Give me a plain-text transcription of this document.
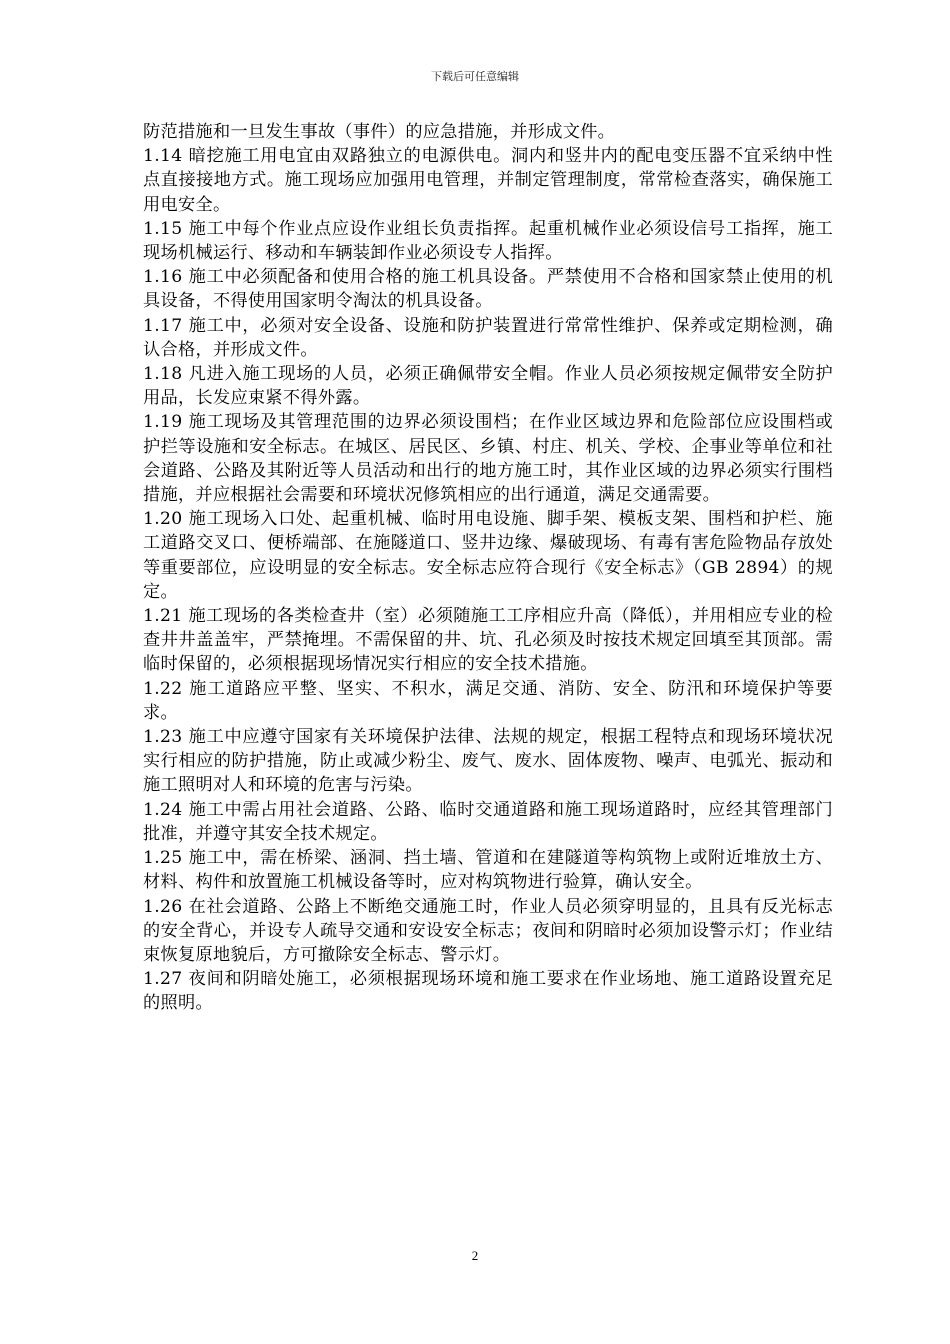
下载后可任意编辑

防范措施和一旦发生事故（事件）的应急措施，并形成文件。

1.14 暗挖施工用电宜由双路独立的电源供电。洞内和竖井内的配电变压器不宜采纳中性点直接接地方式。施工现场应加强用电管理，并制定管理制度，常常检查落实，确保施工用电安全。

1.15 施工中每个作业点应设作业组长负责指挥。起重机械作业必须设信号工指挥，施工现场机械运行、移动和车辆装卸作业必须设专人指挥。

1.16 施工中必须配备和使用合格的施工机具设备。严禁使用不合格和国家禁止使用的机具设备，不得使用国家明令淘汰的机具设备。

1.17 施工中，必须对安全设备、设施和防护装置进行常常性维护、保养或定期检测，确认合格，并形成文件。

1.18 凡进入施工现场的人员，必须正确佩带安全帽。作业人员必须按规定佩带安全防护用品，长发应束紧不得外露。

1.19 施工现场及其管理范围的边界必须设围档；在作业区域边界和危险部位应设围档或护拦等设施和安全标志。在城区、居民区、乡镇、村庄、机关、学校、企事业等单位和社会道路、公路及其附近等人员活动和出行的地方施工时，其作业区域的边界必须实行围档措施，并应根据社会需要和环境状况修筑相应的出行通道，满足交通需要。

1.20 施工现场入口处、起重机械、临时用电设施、脚手架、模板支架、围档和护栏、施工道路交叉口、便桥端部、在施隧道口、竖井边缘、爆破现场、有毒有害危险物品存放处等重要部位，应设明显的安全标志。安全标志应符合现行《安全标志》（GB 2894）的规定。

1.21 施工现场的各类检查井（室）必须随施工工序相应升高（降低），并用相应专业的检查井井盖盖牢，严禁掩埋。不需保留的井、坑、孔必须及时按技术规定回填至其顶部。需临时保留的，必须根据现场情况实行相应的安全技术措施。

1.22 施工道路应平整、坚实、不积水，满足交通、消防、安全、防汛和环境保护等要求。

1.23 施工中应遵守国家有关环境保护法律、法规的规定，根据工程特点和现场环境状况实行相应的防护措施，防止或减少粉尘、废气、废水、固体废物、噪声、电弧光、振动和施工照明对人和环境的危害与污染。

1.24 施工中需占用社会道路、公路、临时交通道路和施工现场道路时，应经其管理部门批准，并遵守其安全技术规定。

1.25 施工中，需在桥梁、涵洞、挡土墙、管道和在建隧道等构筑物上或附近堆放土方、材料、构件和放置施工机械设备等时，应对构筑物进行验算，确认安全。

1.26 在社会道路、公路上不断绝交通施工时，作业人员必须穿明显的，且具有反光标志的安全背心，并设专人疏导交通和安设安全标志；夜间和阴暗时必须加设警示灯；作业结束恢复原地貌后，方可撤除安全标志、警示灯。

1.27 夜间和阴暗处施工，必须根据现场环境和施工要求在作业场地、施工道路设置充足的照明。

2
